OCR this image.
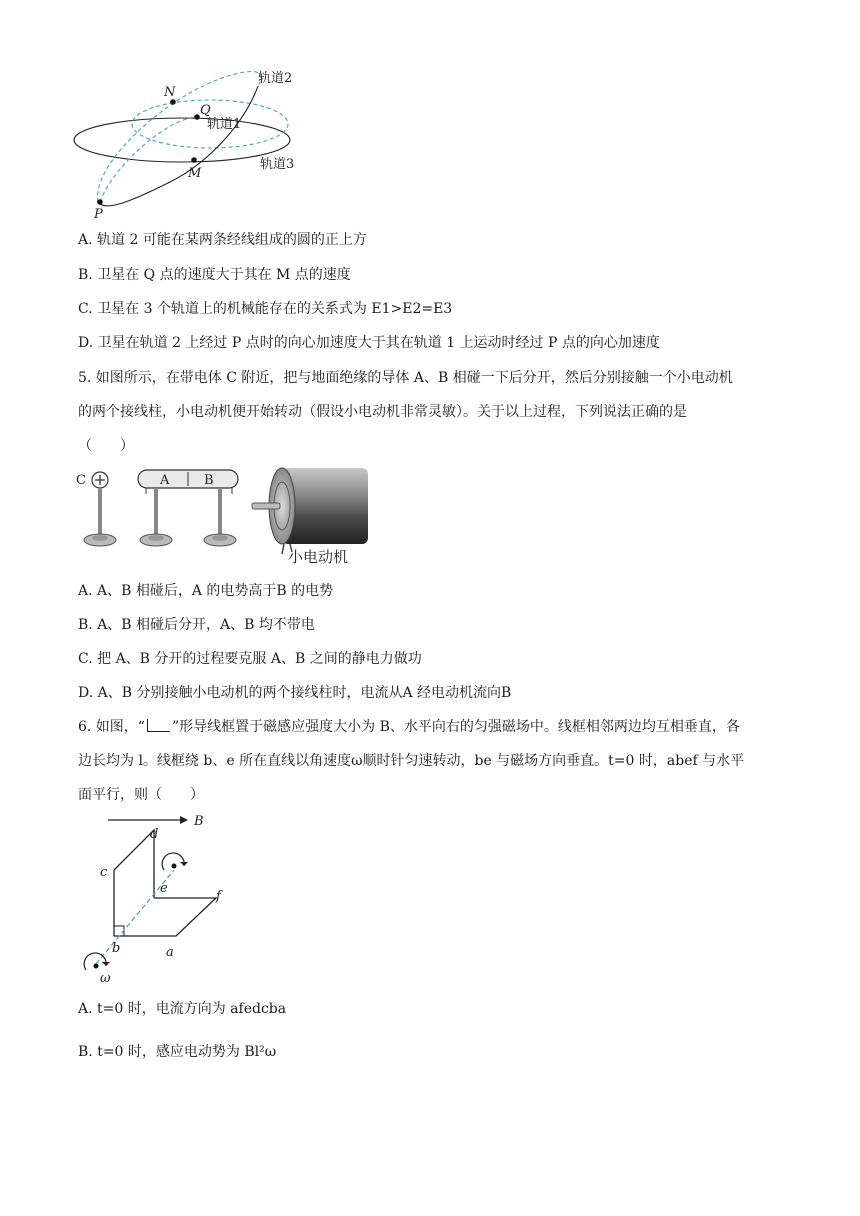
N
Q
轨道1
轨道2
轨道3
M
P
A. 轨道 2 可能在某两条经线组成的圆的正上方
B. 卫星在 Q 点的速度大于其在 M 点的速度
C. 卫星在 3 个轨道上的机械能存在的关系式为 E1>E2=E3
D. 卫星在轨道 2 上经过 P 点时的向心加速度大于其在轨道 1 上运动时经过 P 点的向心加速度
5. 如图所示，在带电体 C 附近，把与地面绝缘的导体 A、B 相碰一下后分开，然后分别接触一个小电动机
的两个接线柱，小电动机便开始转动（假设小电动机非常灵敏）。关于以上过程，下列说法正确的是
（　　）
C	A	B
小电动机
A. A、B 相碰后，A 的电势高于B 的电势
B. A、B 相碰后分开，A、B 均不带电
C. 把 A、B 分开的过程要克服 A、B 之间的静电力做功
D. A、B 分别接触小电动机的两个接线柱时，电流从A 经电动机流向B
6. 如图，“ ”形导线框置于磁感应强度大小为 B、水平向右的匀强磁场中。线框相邻两边均互相垂直，各
边长均为 l。线框绕 b、e 所在直线以角速度ω顺时针匀速转动，be 与磁场方向垂直。t=0 时，abef 与水平
面平行，则（　　）
B
c
d
e
f
b	a
ω
A. t=0 时，电流方向为 afedcba
B. t=0 时，感应电动势为 Bl²ω
